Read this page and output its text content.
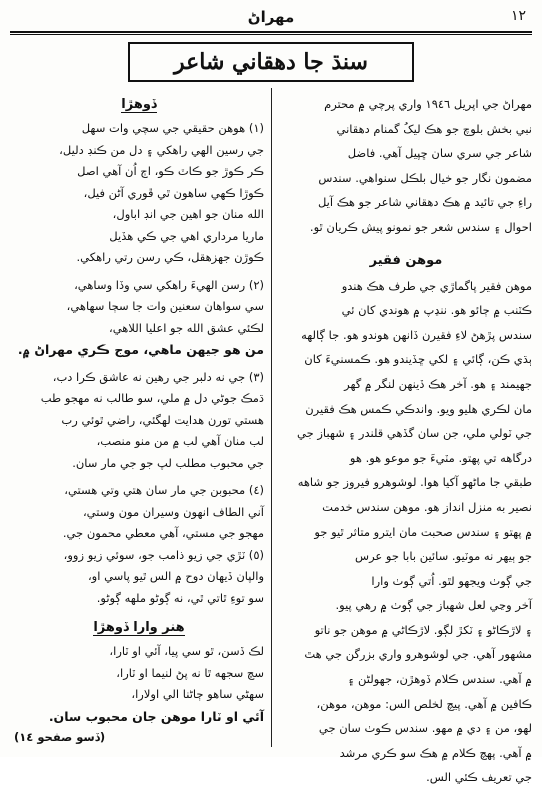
مهراڻ	١٢
سنڌ جا دهقاني شاعر
مهراڻ جي اپريل ١٩٤٦ واري پرچي ۾ محترم
نبي بخش بلوچ جو هڪ ليکُ گمنام دهقاني
شاعر جي سري سان ڇپيل آهي. فاضل
مضمون نگار جو خيال بلڪل سنواهي. سندس
راءِ جي تائيد ۾ هڪ دهقاني شاعر جو هڪ آيل
احوال ۽ سندس شعر جو نمونو پيش ڪريان ٿو.
موهن فقير
موهن فقير پاگماڙي جي طرف هڪ هندو
ڪٽنب ۾ ڄائو هو. ننڍپ ۾ هوندي کان ئي
سندس پڙهڻ لاءِ فقيرن ڏانهن هوندو هو. جا ڳالهه
ٻڌي ڪن، ڳائي ۽ لکي ڇڏيندو هو. ڪمسنيءَ کان
جهيمند ۽ هو. آخر هڪ ڏينهن لنگر ۾ گهر
مان لڪري هليو ويو. واندڪي ڪمس هڪ فقيرن
جي ٽولي ملي، جن سان گڏهي قلندر ۽ شهباز جي
درگاهه تي پهتو. مٽيءَ جو موعو هو. هو
طبقي جا ماڻهو آکيا هوا. لوشوهرو فيروز جو شاهه
نصير به منزل انداز هو. موهن سندس خدمت
۾ پهتو ۽ سندس صحبت مان ايترو متاثر ٿيو جو
جو ٻيهر نه موٽيو. سائين بابا جو عرس
جي ڳوٺ ويجهو لٿو. اُتي ڳوٺ وارا
آخر وڃي لعل شهباز جي ڳوٺ ۾ رهي پيو.
۽ لاڙڪاڻو ۽ ٽکڙ لڳو. لاڙڪاڻي ۾ موهن جو ناتو
مشهور آهي. جي لوشوهرو واري بزرگن جي هٿ
۾ آهي. سندس ڪلام ڏوهڙن، جهولڻن ۽
ڪافين ۾ آهي. پيچ لخلص الس: موهن، موهن،
لهو، من ۽ دي ۾ مهو. سندس ڪوٺ سان جي
۾ آهي. پهچ ڪلام ۾ هڪ سو ڪري مرشد
جي تعريف ڪئي الس.
ڏوهڙا
(١) هوهن حقيقي جي سچي وات سهل
جي رسين الهي راهکي ۽ دل من ڪنڊ دليل،
ڪر ڪوڙ جو ڪاٽ ڪو، اڄ اُن آهي اصل
ڪوڙا ڪهي ساهون ٿي ڦوري آڻن فيل،
الله منان جو اهين جي انڊ اباول،
ماريا مرداري اهي جي ڪي هڏيل
ڪوڙن جهزهقل، ڪي رسن رتي راهکي.
(٢) رسن الهيءَ راهکي سي وڏا وساهي،
سي سواهان سعنين وات جا سڄا سهاهي،
لڪئي عشق الله جو اعليا اللاهي،
من هو جيهن ماهي، موج ڪري مهراڻ ۾.
(٣) جي نه دلبر جي رهين نه عاشق ڪرا دب،
ڌمڪ جوڻي دل ۾ ملي، سو طالب نه مهجو طب
هستي تورن هدايت لهگئي، راضي ٿوئي رب
لب منان آهي لب ۾ من منو منصب،
جي محبوب مطلب لپ جو جي مار سان.
(٤) محبوبن جي مار سان هتي وتي هستي،
آني الطاف انهون وسيران مون وستي،
مهجو جي مستي، آهي معطي محمون جي.
(٥) ٽڙي جي زيو ذامب جو، سوئي زيو زوو،
والپان ڏيهان دوح ۾ الس ٿيو پاسي او،
سو توءِ ٿاتي ٿي، نه ڳوڻو ملهه ڳوڻو.
هنر وارا ڏوهڙا
لڪ ڏسن، ٿو سي پيا، آئي او ٽارا،
سچ سجهه ٿا نه پڻ لنيما او ٽارا،
سهڻي ساهو ڄاڻنا الي اولارا،
آئي او ٽارا موهن جان محبوب سان.
(ڏسو صفحو ١٤)
